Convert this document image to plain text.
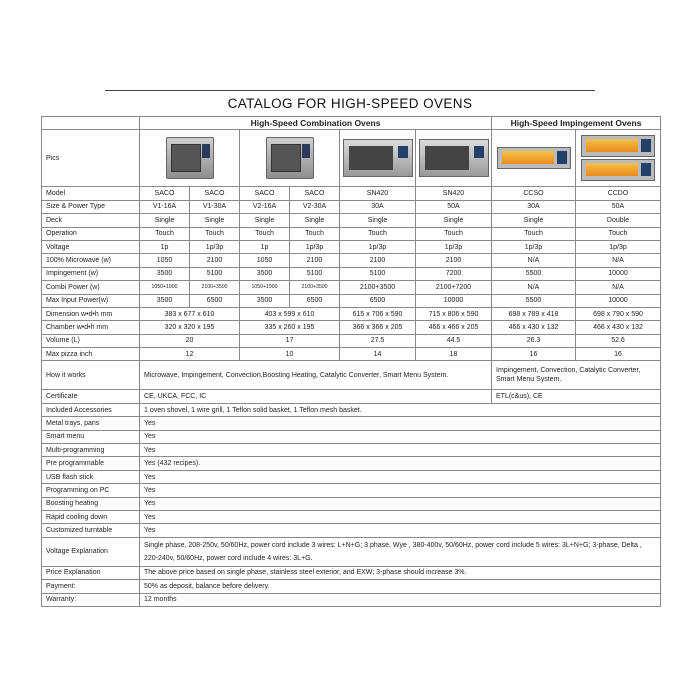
CATALOG FOR HIGH-SPEED OVENS
	High-Speed Combination Ovens						High-Speed Impingement Ovens	
Pics			

Model	SACO	SACO	SACO	SACO	SN420	SN420	CCSO	CCDO
Size & Power Type	V1-16A	V1-30A	V2-16A	V2-30A	30A	50A	30A	50A
Deck	Single	Single	Single	Single	Single	Single	Single	Double
Operation	Touch	Touch	Touch	Touch	Touch	Touch	Touch	Touch
Voltage	1p	1p/3p	1p	1p/3p	1p/3p	1p/3p	1p/3p	1p/3p
100% Microwave (w)	1050	2100	1050	2100	2100	2100	N/A	N/A
Impingement (w)	3500	5100	3500	5100	5100	7200	5500	10000
Combi Power (w)	1050+1900	2100+3500	1050+1900	2100+3500	2100+3500	2100+7200	N/A	N/A
Max Input Power(w)	3500	6500	3500	6500	6500	10000	5500	10000
Dimension w•d•h mm	383 x 677 x 610		403 x 599 x 610		615 x 706 x 590	715 x 806 x 590	698 x 789 x 418	698 x 790 x 590
Chamber w•d•h mm	320 x 320 x 195		335 x 260 x 195		366 x 366 x 205	466 x 466 x 205	466 x 430 x 132	466 x 430 x 132
Volume (L)	20		17		27.5	44.5	26.3	52.6
Max pizza inch	12		10		14	18	16	16
How it works	Microwave, Impingement, Convection,Boosting Heating, Catalytic Converter, Smart Menu System.						Impingement, Convection, Catalytic Converter, Smart Menu System.	
Certificate	CE, UKCA, FCC, IC						ETL(c&us), CE	
Included Accessories	1 oven shovel, 1 wire grill, 1 Teflon solid basket, 1 Teflon mesh basket.							
Metal trays, pans	Yes							
Smart menu	Yes							
Multi-programming	Yes							
Pre programmable	Yes (432 recipes).							
USB flash stick	Yes							
Programming on PC	Yes							
Boosting heating	Yes							
Rapid cooling down	Yes							
Customized turntable	Yes							
Voltage Explanation	Single phase, 208-250v, 50/60Hz, power cord include 3 wires: L+N+G; 3 phase, Wye , 380-400v, 50/60Hz, power cord include 5 wires: 3L+N+G; 3-phase, Delta , 220-240v, 50/60Hz, power cord include 4 wires: 3L+G.							
Price Explanation	The above price based on single phase, stainless steel exterior, and EXW; 3-phase should increase 3%.							
Payment:	50% as deposit, balance before delivery.							
Warranty:	12 months							
